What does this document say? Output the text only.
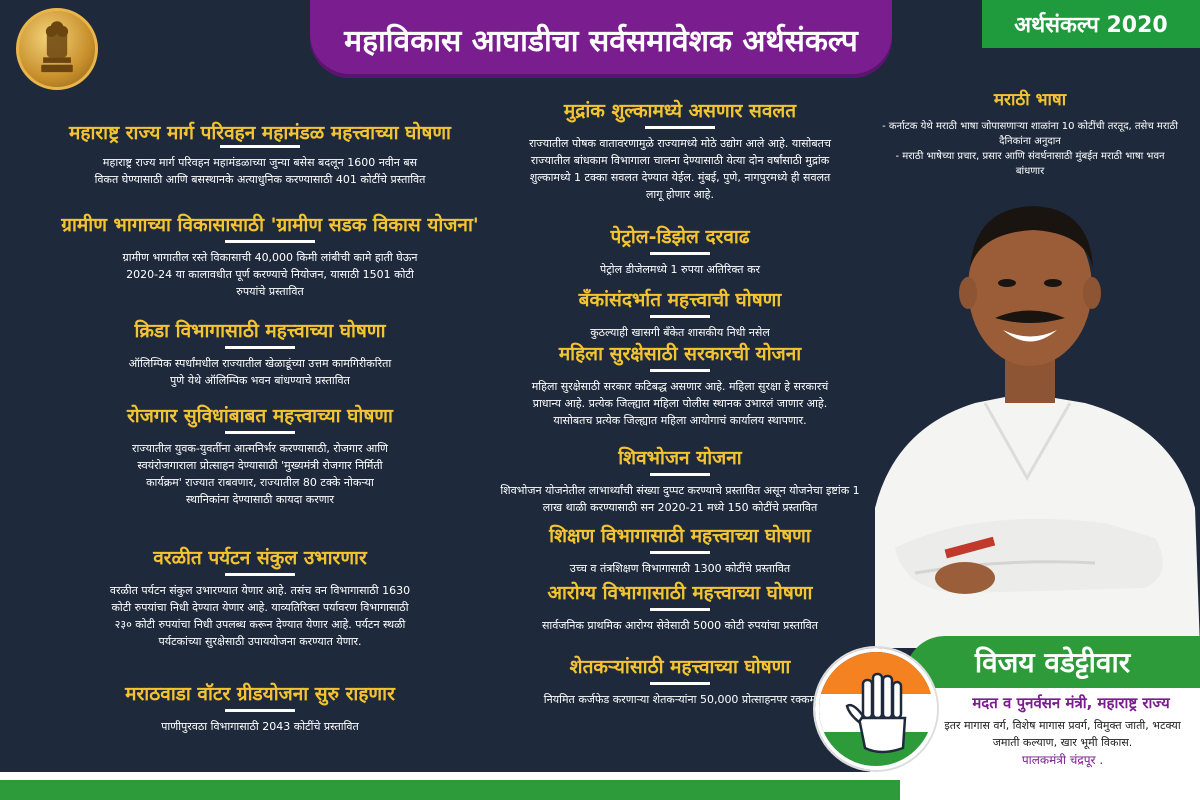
महाविकास आघाडीचा सर्वसमावेशक अर्थसंकल्प	अर्थसंकल्प 2020
महाराष्ट्र राज्य मार्ग परिवहन महामंडळ महत्त्वाच्या घोषणा

महाराष्ट्र राज्य मार्ग परिवहन महामंडळाच्या जुन्या बसेस बदलून 1600 नवीन बस विकत घेण्यासाठी आणि बसस्थानके अत्याधुनिक करण्यासाठी 401 कोटींचे प्रस्तावित

ग्रामीण भागाच्या विकासासाठी 'ग्रामीण सडक विकास योजना'

ग्रामीण भागातील रस्ते विकासाची 40,000 किमी लांबीची कामे हाती घेऊन 2020-24 या कालावधीत पूर्ण करण्याचे नियोजन, यासाठी 1501 कोटी रुपयांचे प्रस्तावित

क्रिडा विभागासाठी महत्त्वाच्या घोषणा

ऑलिम्पिक स्पर्धांमधील राज्यातील खेळाडूंच्या उत्तम कामगिरीकरिता पुणे येथे ऑलिम्पिक भवन बांधण्याचे प्रस्तावित

रोजगार सुविधांबाबत महत्त्वाच्या घोषणा

राज्यातील युवक-युवतींना आत्मनिर्भर करण्यासाठी, रोजगार आणि स्वयंरोजगाराला प्रोत्साहन देण्यासाठी 'मुख्यमंत्री रोजगार निर्मिती कार्यक्रम' राज्यात राबवणार, राज्यातील 80 टक्के नोकऱ्या स्थानिकांना देण्यासाठी कायदा करणार

वरळीत पर्यटन संकुल उभारणार

वरळीत पर्यटन संकुल उभारण्यात येणार आहे. तसंच वन विभागासाठी 1630 कोटी रुपयांचा निधी देण्यात येणार आहे. याव्यतिरिक्त पर्यावरण विभागासाठी २३० कोटी रुपयांचा निधी उपलब्ध करून देण्यात येणार आहे. पर्यटन स्थळी पर्यटकांच्या सुरक्षेसाठी उपाययोजना करण्यात येणार.

मराठवाडा वॉटर ग्रीडयोजना सुरु राहणार

पाणीपुरवठा विभागासाठी 2043 कोटींचे प्रस्तावित

मुद्रांक शुल्कामध्ये असणार सवलत

राज्यातील पोषक वातावरणामुळे राज्यामध्ये मोठे उद्योग आले आहे. यासोबतच राज्यातील बांधकाम विभागाला चालना देण्यासाठी येत्या दोन वर्षांसाठी मुद्रांक शुल्कामध्ये 1 टक्का सवलत देण्यात येईल. मुंबई, पुणे, नागपुरमध्ये ही सवलत लागू होणार आहे.

पेट्रोल-डिझेल दरवाढ

पेट्रोल डीजेलमध्ये 1 रुपया अतिरिक्त कर

बँकांसंदर्भात महत्त्वाची घोषणा

कुठल्याही खासगी बँकेत शासकीय निधी नसेल

महिला सुरक्षेसाठी सरकारची योजना

महिला सुरक्षेसाठी सरकार कटिबद्ध असणार आहे. महिला सुरक्षा हे सरकारचं प्राधान्य आहे. प्रत्येक जिल्ह्यात महिला पोलीस स्थानक उभारलं जाणार आहे. यासोबतच प्रत्येक जिल्ह्यात महिला आयोगाचं कार्यालय स्थापणार.

शिवभोजन योजना

शिवभोजन योजनेतील लाभार्थ्यांची संख्या दुप्पट करण्याचे प्रस्तावित असून योजनेचा इष्टांक 1 लाख थाळी करण्यासाठी सन 2020-21 मध्ये 150 कोटींचे प्रस्तावित

शिक्षण विभागासाठी महत्त्वाच्या घोषणा

उच्च व तंत्रशिक्षण विभागासाठी 1300 कोटींचे प्रस्तावित

आरोग्य विभागासाठी महत्त्वाच्या घोषणा

सार्वजनिक प्राथमिक आरोग्य सेवेसाठी 5000 कोटी रुपयांचा प्रस्तावित

शेतकऱ्यांसाठी महत्त्वाच्या घोषणा

नियमित कर्जफेड करणाऱ्या शेतकऱ्यांना 50,000 प्रोत्साहनपर रक्कम

मराठी भाषा

- कर्नाटक येथे मराठी भाषा जोपासणाऱ्या शाळांना 10 कोटींची तरतूद, तसेच मराठी दैनिकांना अनुदान

- मराठी भाषेच्या प्रचार, प्रसार आणि संवर्धनासाठी मुंबईत मराठी भाषा भवन बांधणार

विजय वडेट्टीवार
मदत व पुनर्वसन मंत्री, महाराष्ट्र राज्य
इतर मागास वर्ग, विशेष मागास प्रवर्ग, विमुक्त जाती, भटक्या जमाती कल्याण, खार भूमी विकास.
पालकमंत्री चंद्रपूर .
